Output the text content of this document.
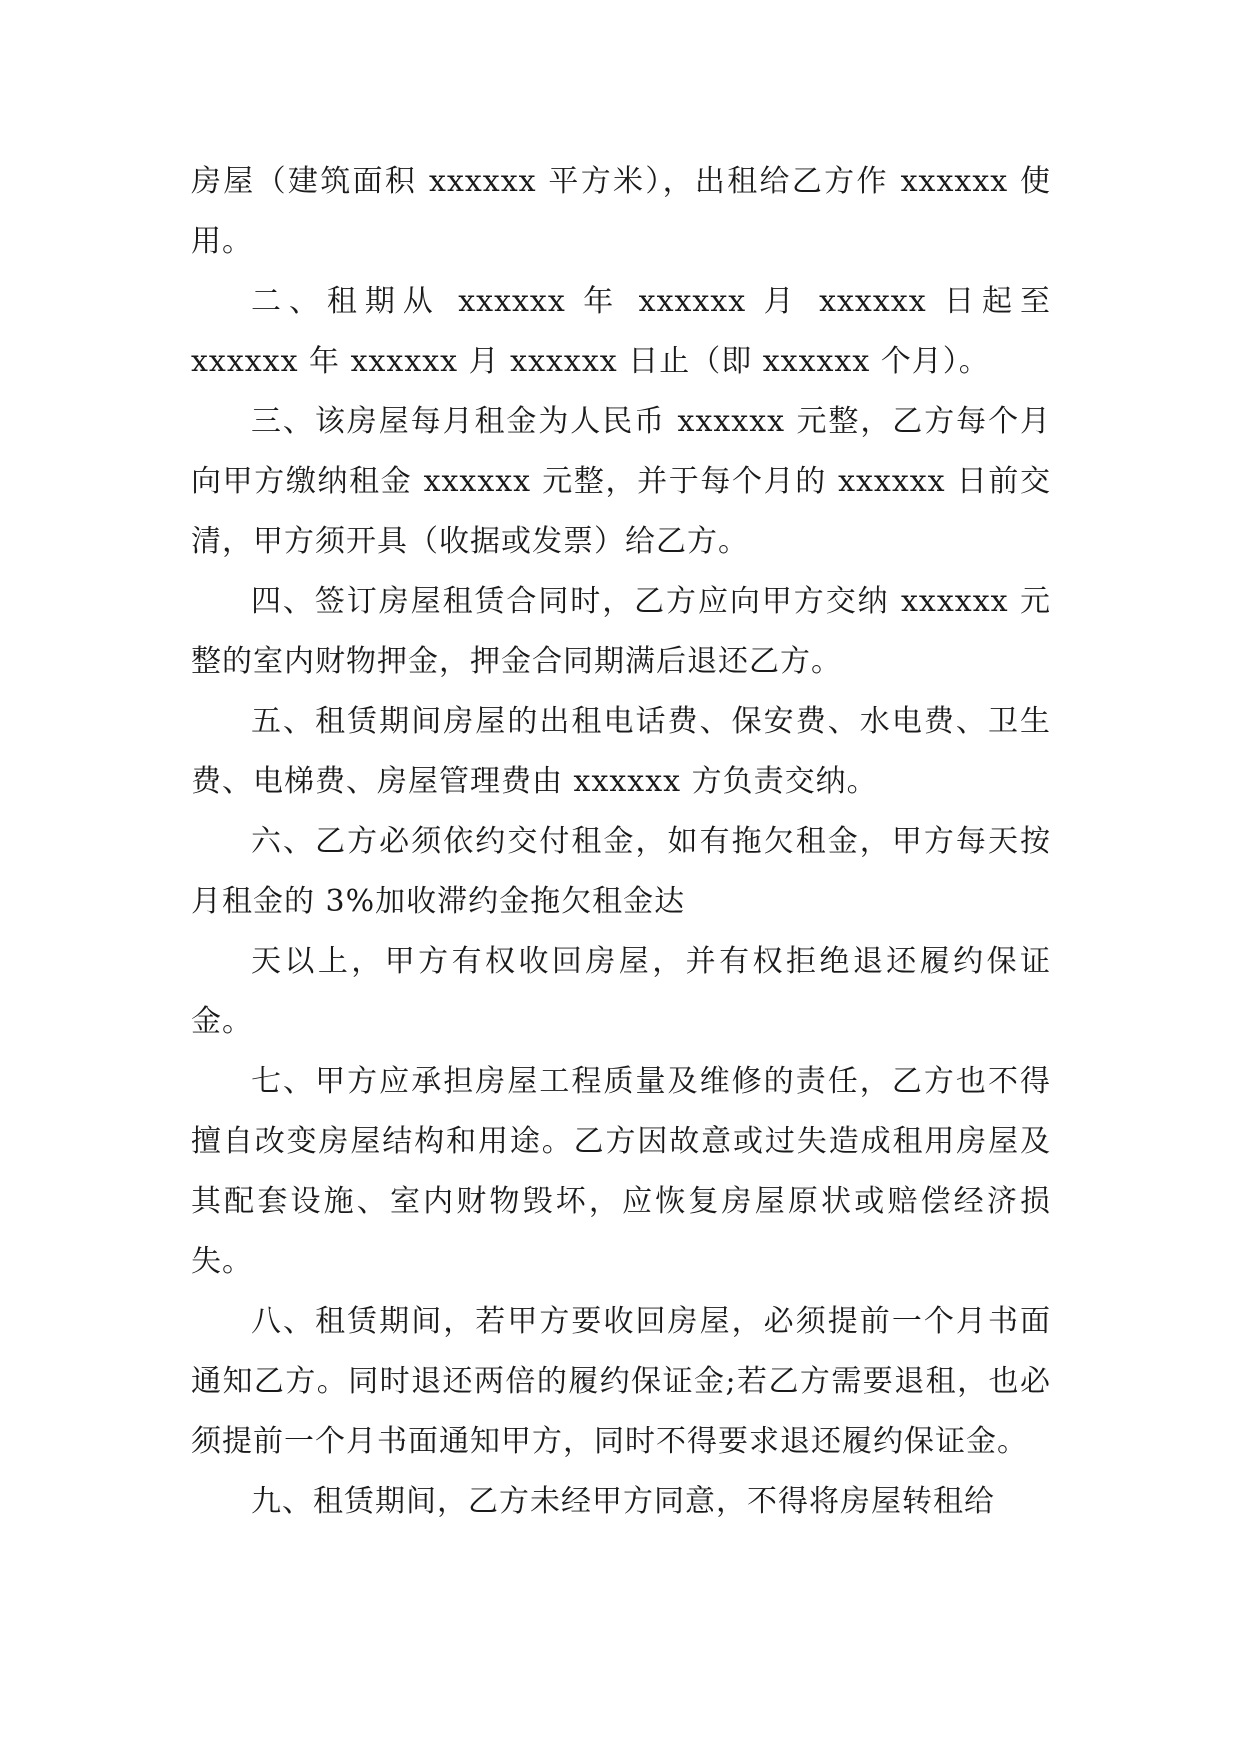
房屋（建筑面积 xxxxxx 平方米），出租给乙方作 xxxxxx 使用。

二、租期从 xxxxxx 年 xxxxxx 月 xxxxxx 日起至 xxxxxx 年 xxxxxx 月 xxxxxx 日止（即 xxxxxx 个月）。

三、该房屋每月租金为人民币 xxxxxx 元整，乙方每个月向甲方缴纳租金 xxxxxx 元整，并于每个月的 xxxxxx 日前交清，甲方须开具（收据或发票）给乙方。

四、签订房屋租赁合同时，乙方应向甲方交纳 xxxxxx 元整的室内财物押金，押金合同期满后退还乙方。

五、租赁期间房屋的出租电话费、保安费、水电费、卫生费、电梯费、房屋管理费由 xxxxxx 方负责交纳。

六、乙方必须依约交付租金，如有拖欠租金，甲方每天按月租金的 3%加收滞约金拖欠租金达

天以上，甲方有权收回房屋，并有权拒绝退还履约保证金。

七、甲方应承担房屋工程质量及维修的责任，乙方也不得擅自改变房屋结构和用途。乙方因故意或过失造成租用房屋及其配套设施、室内财物毁坏，应恢复房屋原状或赔偿经济损失。

八、租赁期间，若甲方要收回房屋，必须提前一个月书面通知乙方。同时退还两倍的履约保证金;若乙方需要退租，也必须提前一个月书面通知甲方，同时不得要求退还履约保证金。

九、租赁期间，乙方未经甲方同意，不得将房屋转租给
